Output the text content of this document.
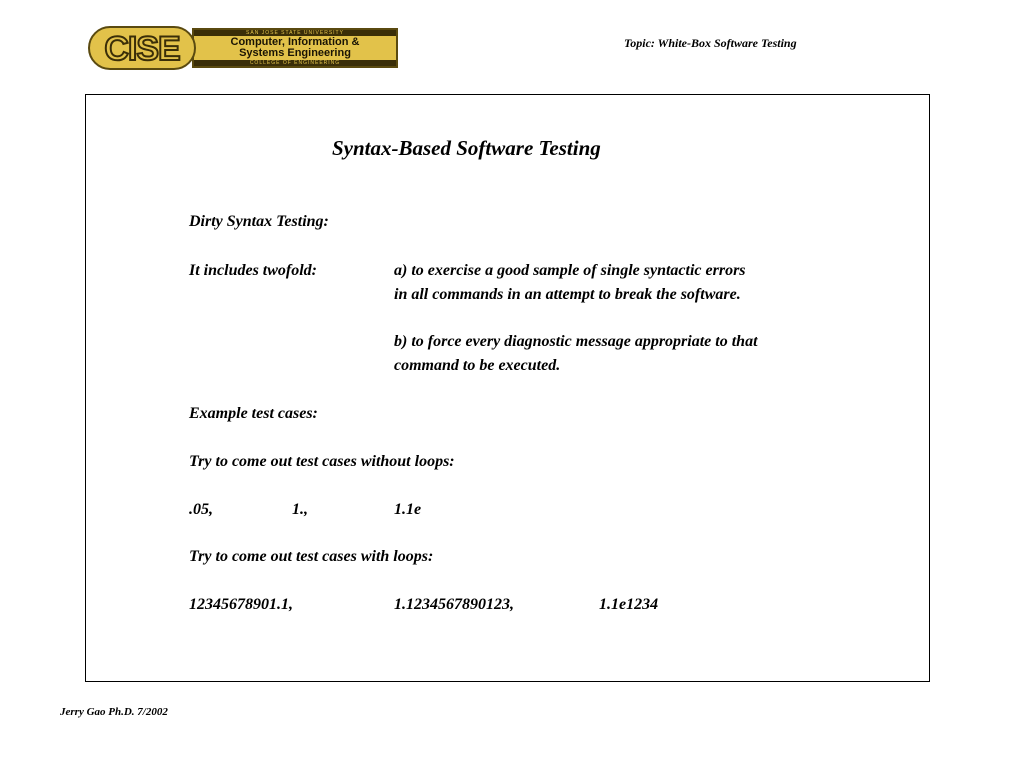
SAN JOSE STATE UNIVERSITY
Computer, Information &
Systems Engineering
COLLEGE OF ENGINEERING
CISE	Topic: White-Box Software Testing
Syntax-Based Software Testing
Dirty Syntax Testing:
It includes twofold:	a) to exercise a good sample of single syntactic errors
in all commands in an attempt to break the software.
b) to force every diagnostic message appropriate to that
command to be executed.
Example test cases:
Try to come out test cases without loops:
.05,	1.,	1.1e
Try to come out test cases with loops:
12345678901.1,	1.1234567890123,	1.1e1234
Jerry Gao Ph.D. 7/2002
